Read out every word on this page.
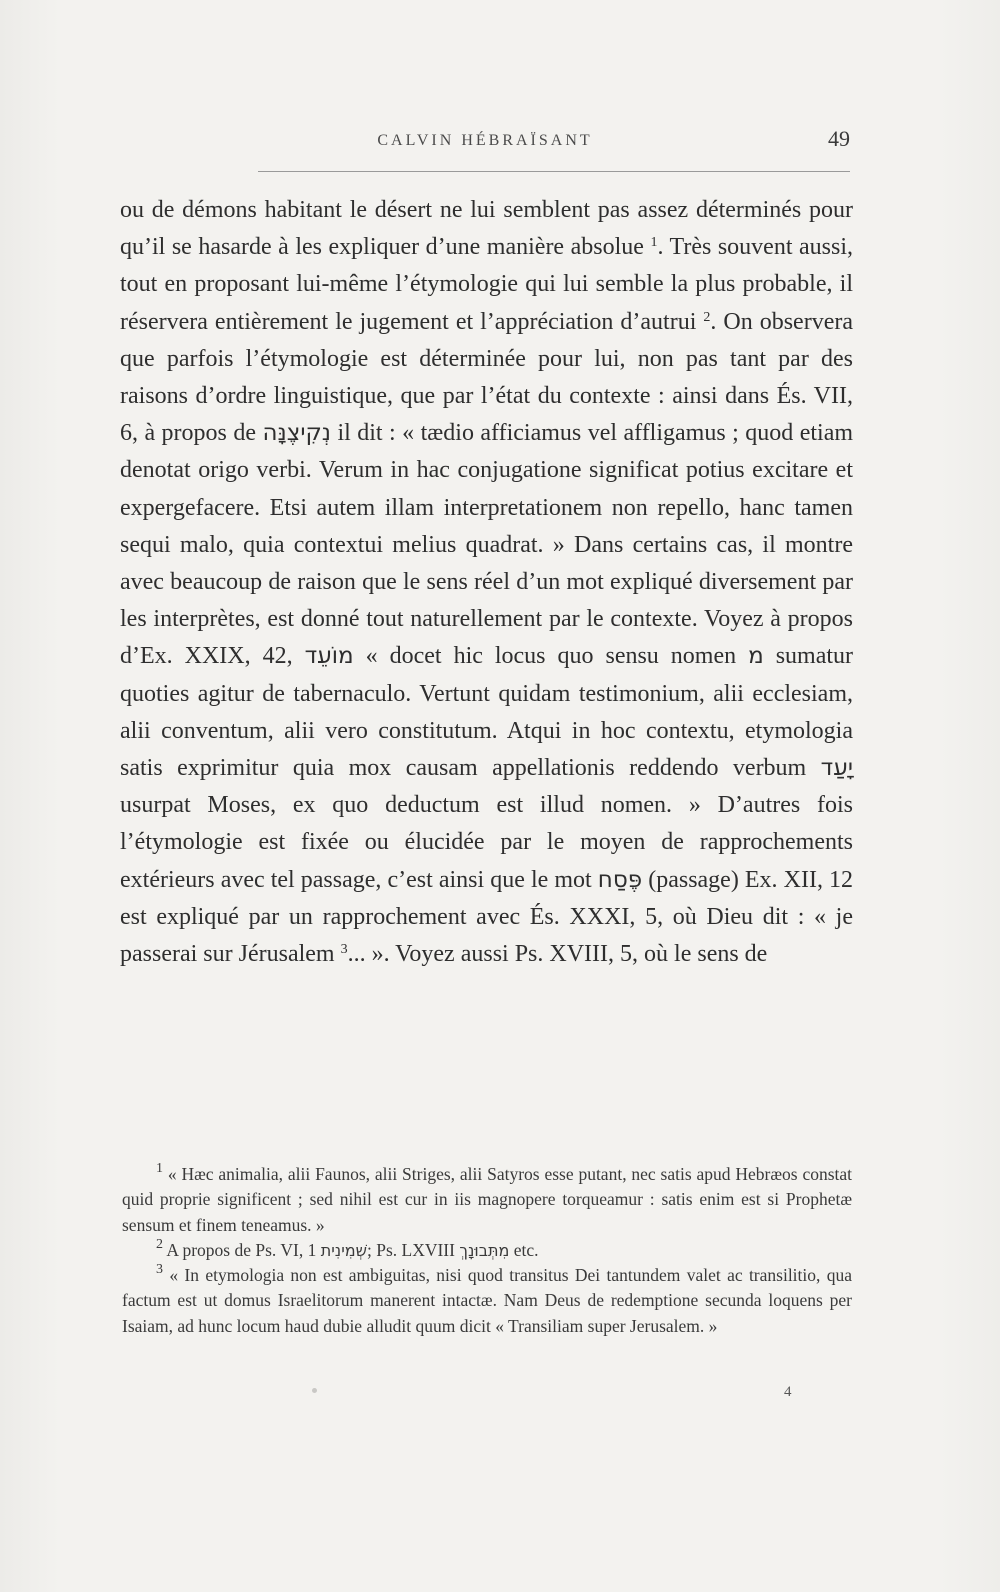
CALVIN HÉBRAÏSANT	49

ou de démons habitant le désert ne lui semblent pas assez déterminés pour qu’il se hasarde à les expliquer d’une manière absolue $^1$. Très souvent aussi, tout en proposant lui-même l’étymologie qui lui semble la plus probable, il réservera entièrement le jugement et l’appréciation d’autrui $^2$. On observera que parfois l’étymologie est déterminée pour lui, non pas tant par des raisons d’ordre linguistique, que par l’état du contexte : ainsi dans És. VII, 6, à propos de נְקִיצֶנָּה il dit : « tædio afficiamus vel affligamus ; quod etiam denotat origo verbi. Verum in hac conjugatione significat potius excitare et expergefacere. Etsi autem illam interpretationem non repello, hanc tamen sequi malo, quia contextui melius quadrat. » Dans certains cas, il montre avec beaucoup de raison que le sens réel d’un mot expliqué diversement par les interprètes, est donné tout naturellement par le contexte. Voyez à propos d’Ex. XXIX, 42, מוֹעֵד « docet hic locus quo sensu nomen מ sumatur quoties agitur de tabernaculo. Vertunt quidam testimonium, alii ecclesiam, alii conventum, alii vero constitutum. Atqui in hoc contextu, etymologia satis exprimitur quia mox causam appellationis reddendo verbum יָעַד usurpat Moses, ex quo deductum est illud nomen. » D’autres fois l’étymologie est fixée ou élucidée par le moyen de rapprochements extérieurs avec tel passage, c’est ainsi que le mot פֶּסַח (passage) Ex. XII, 12 est expliqué par un rapprochement avec És. XXXI, 5, où Dieu dit : « je passerai sur Jérusalem $^3$... ». Voyez aussi Ps. XVIII, 5, où le sens de

$^1$ « Hæc animalia, alii Faunos, alii Striges, alii Satyros esse putant, nec satis apud Hebræos constat quid proprie significent ; sed nihil est cur in iis magnopere torqueamur : satis enim est si Prophetæ sensum et finem teneamus. »

$^2$ A propos de Ps. VI, 1 שְׁמִינִית; Ps. LXVIII מִתְּבוּנָךְ etc.

$^3$ « In etymologia non est ambiguitas, nisi quod transitus Dei tantundem valet ac transilitio, qua factum est ut domus Israelitorum manerent intactæ. Nam Deus de redemptione secunda loquens per Isaiam, ad hunc locum haud dubie alludit quum dicit « Transiliam super Jerusalem. »

4
